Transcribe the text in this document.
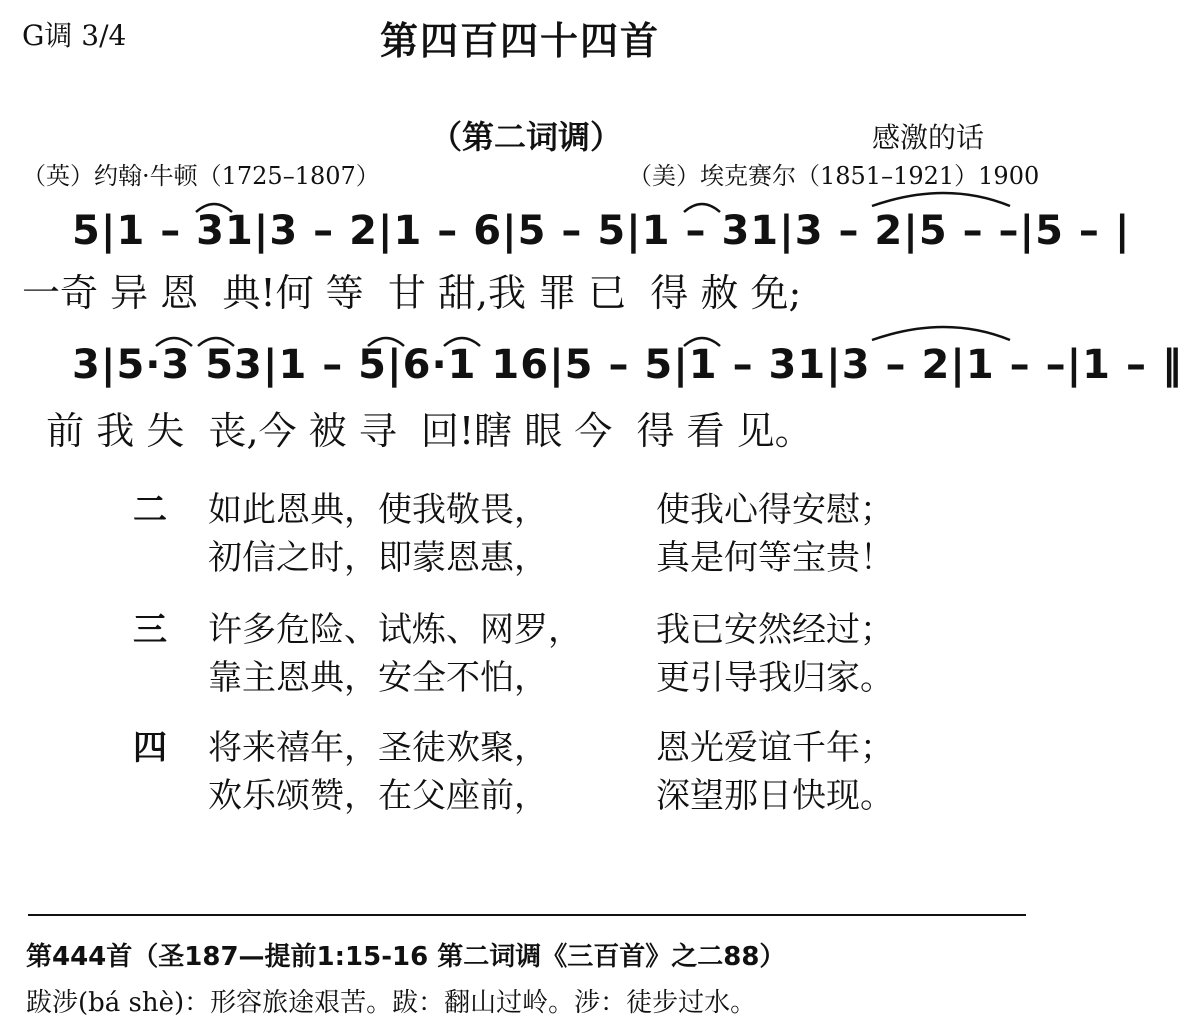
G调 3/4	第四百四十四首
（第二词调）	感激的话
（英）约翰·牛顿（1725–1807）	（美）埃克赛尔（1851–1921）1900
5|1 – 31|3 – 2|1 – 6|5 – 5|1 – 31|3 – 2|5 – –|5 – |
一奇 异 恩  典!何 等  甘 甜,我 罪 已  得 赦 免;
3|5·3 53|1 – 5|6·1 16|5 – 5|1 – 31|3 – 2|1 – –|1 – ‖
前 我 失  丧,今 被 寻  回!瞎 眼 今  得 看 见。
二 如此恩典，使我敬畏，	使我心得安慰；
初信之时，即蒙恩惠，	真是何等宝贵！
三 许多危险、试炼、网罗， 我已安然经过；
靠主恩典，安全不怕，	更引导我归家。
四 将来禧年，圣徒欢聚，	恩光爱谊千年；
欢乐颂赞，在父座前，	深望那日快现。
第444首（圣187—提前1:15-16 第二词调《三百首》之二88）
跋涉(bá shè)：形容旅途艰苦。跋：翻山过岭。涉：徒步过水。
